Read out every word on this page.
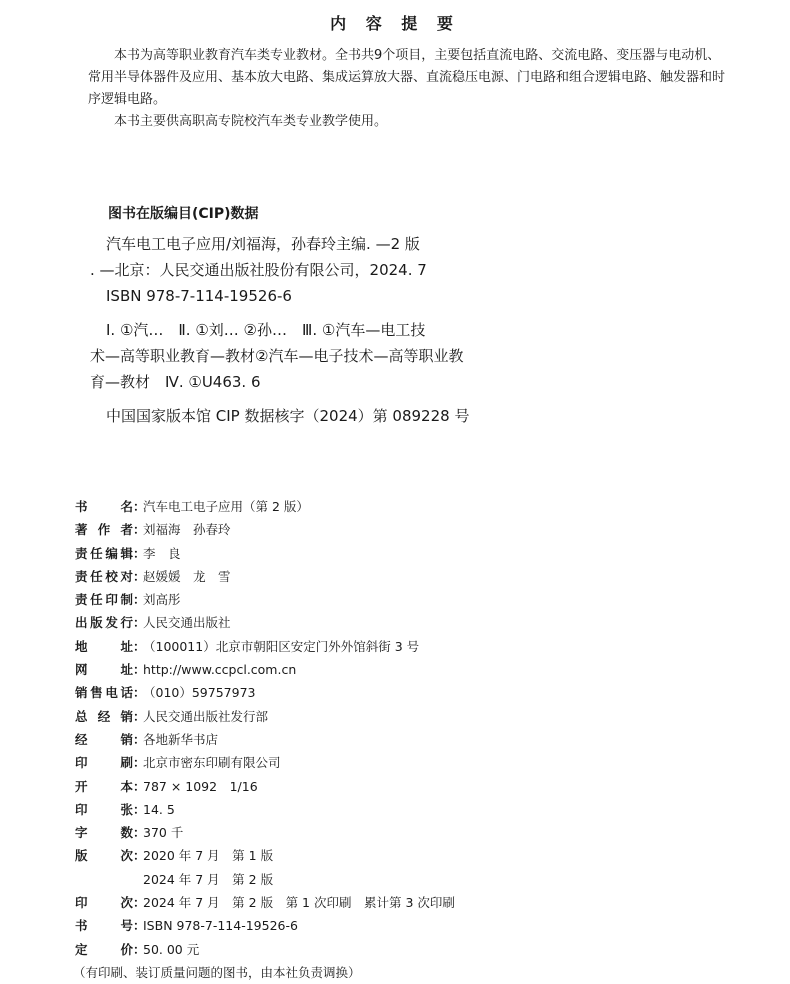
内 容 提 要

本书为高等职业教育汽车类专业教材。全书共9个项目，主要包括直流电路、交流电路、变压器与电动机、常用半导体器件及应用、基本放大电路、集成运算放大器、直流稳压电源、门电路和组合逻辑电路、触发器和时序逻辑电路。

本书主要供高职高专院校汽车类专业教学使用。

图书在版编目(CIP)数据
汽车电工电子应用/刘福海，孙春玲主编. —2 版
. —北京：人民交通出版社股份有限公司，2024. 7
ISBN 978-7-114-19526-6
Ⅰ. ①汽…　Ⅱ. ①刘… ②孙…　Ⅲ. ①汽车—电工技
术—高等职业教育—教材②汽车—电子技术—高等职业教
育—教材　Ⅳ. ①U463. 6
中国国家版本馆 CIP 数据核字（2024）第 089228 号
书名 ：
汽车电工电子应用（第 2 版）
著作者 ：
刘福海　孙春玲
责任编辑 ：
李　良
责任校对 ：
赵媛媛　龙　雪
责任印制 ：
刘高彤
出版发行 ：
人民交通出版社
地址 ：
（100011）北京市朝阳区安定门外外馆斜街 3 号
网址 ：
http://www.ccpcl.com.cn
销售电话 ：
（010）59757973
总经销 ：
人民交通出版社发行部
经销 ：
各地新华书店
印刷 ：
北京市密东印刷有限公司
开本 ：
787 × 1092　1/16
印张 ：
14. 5
字数 ：
370 千
版次 ：
2020 年 7 月　第 1 版
2024 年 7 月　第 2 版
印次 ：
2024 年 7 月　第 2 版　第 1 次印刷　累计第 3 次印刷
书号 ：
ISBN 978-7-114-19526-6
定价 ：
50. 00 元
（有印刷、装订质量问题的图书，由本社负责调换）
